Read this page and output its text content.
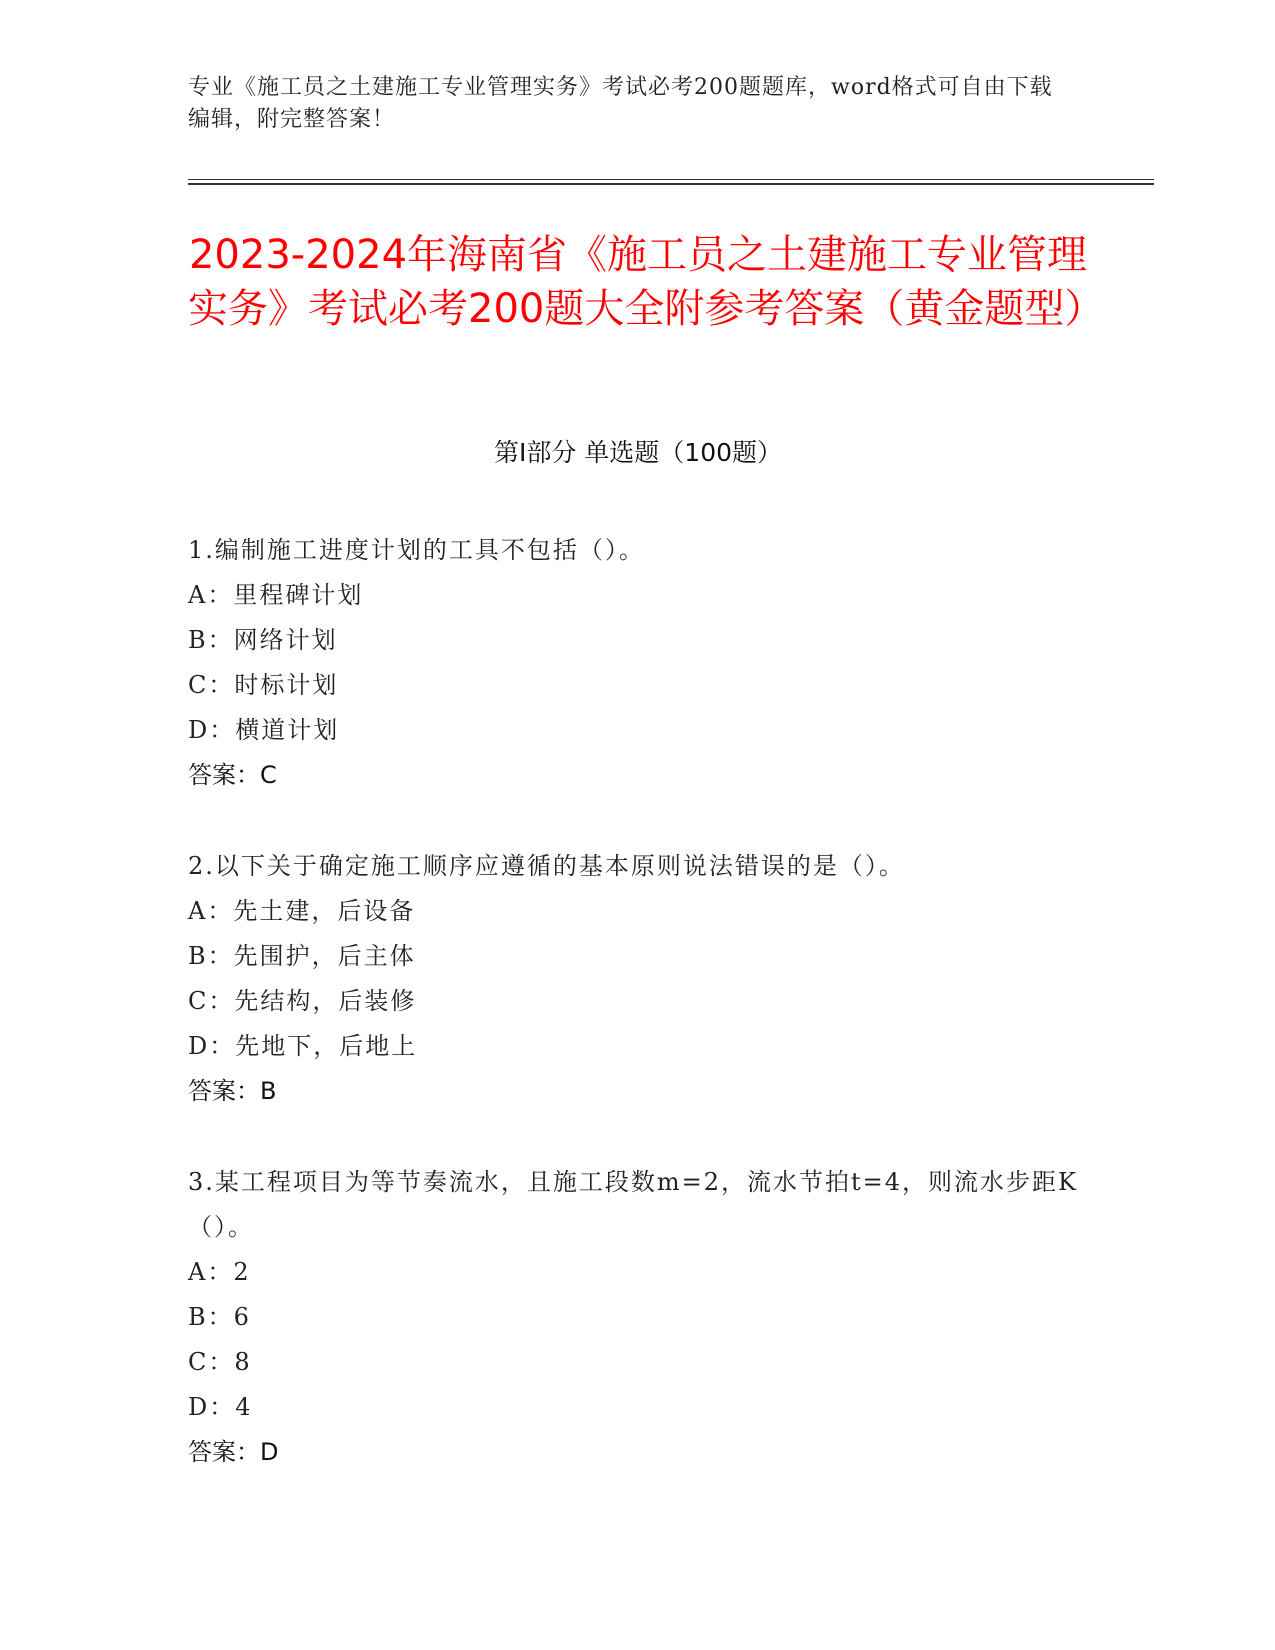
专业《施工员之土建施工专业管理实务》考试必考200题题库，word格式可自由下载编辑，附完整答案！
2023-2024年海南省《施工员之土建施工专业管理实务》考试必考200题大全附参考答案（黄金题型）
第I部分 单选题（100题）
1.编制施工进度计划的工具不包括（）。
A：里程碑计划
B：网络计划
C：时标计划
D：横道计划
答案：C
2.以下关于确定施工顺序应遵循的基本原则说法错误的是（）。
A：先土建，后设备
B：先围护，后主体
C：先结构，后装修
D：先地下，后地上
答案：B
3.某工程项目为等节奏流水，且施工段数m=2，流水节拍t=4，则流水步距K（）。
A：2
B：6
C：8
D：4
答案：D
